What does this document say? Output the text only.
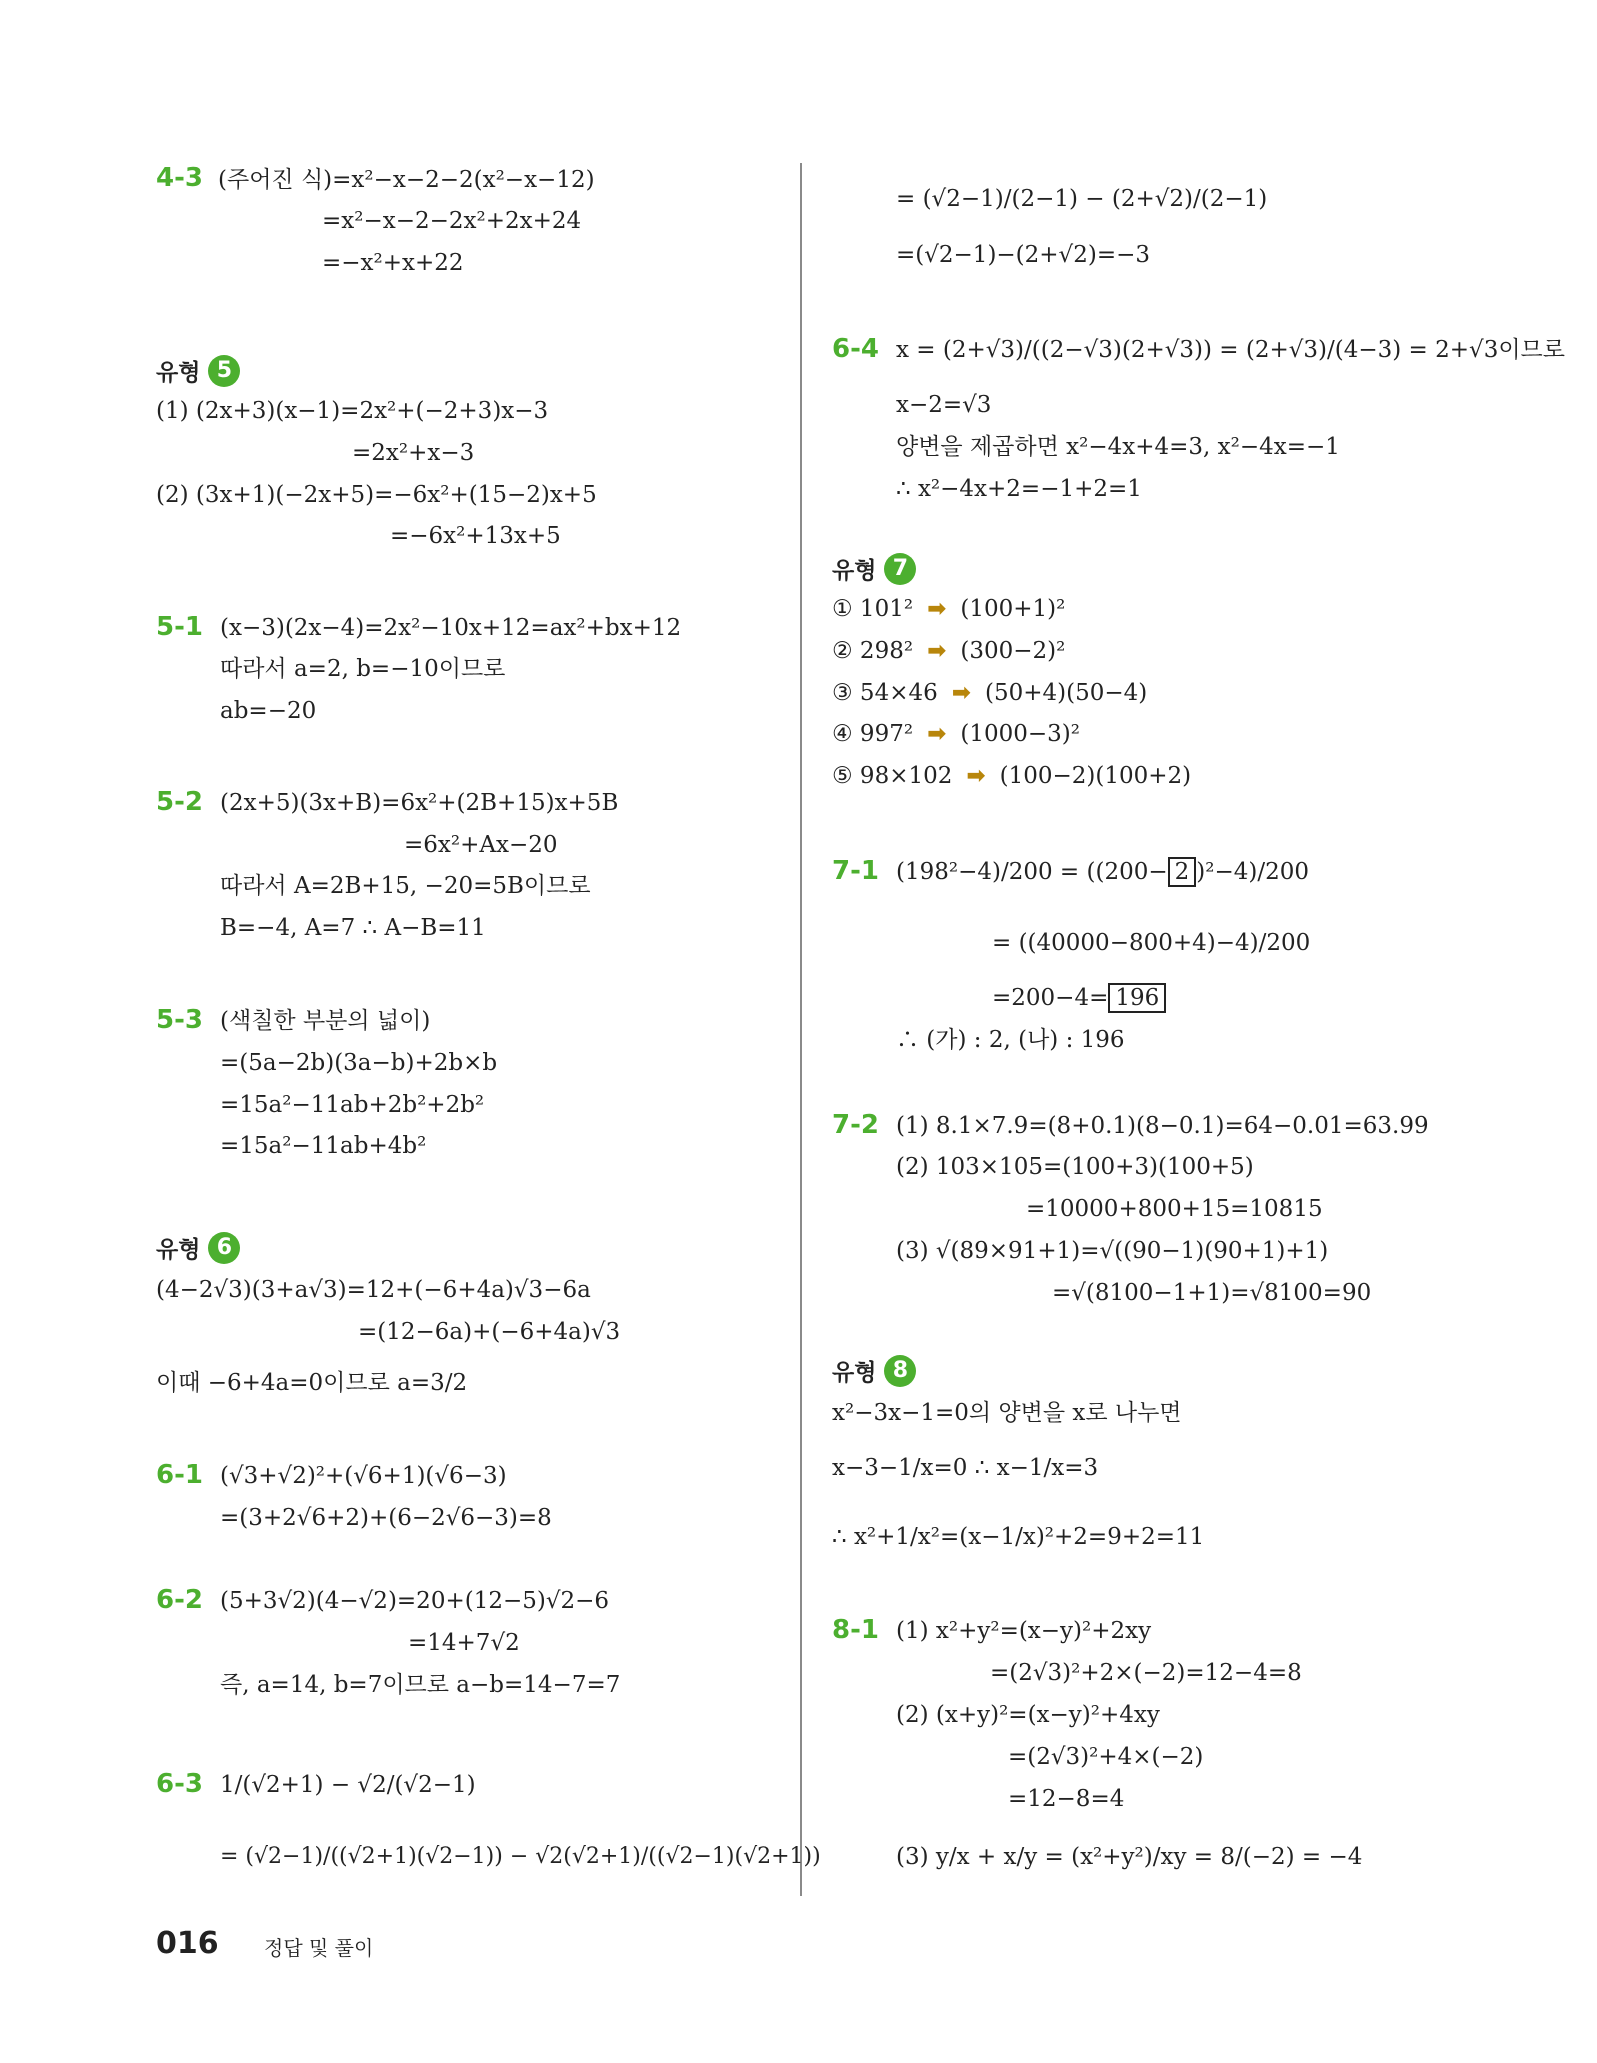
4-3 (주어진 식)=x²−x−2−2(x²−x−12)
=x²−x−2−2x²+2x+24
=−x²+x+22
유형 5
(1) (2x+3)(x−1)=2x²+(−2+3)x−3
=2x²+x−3
(2) (3x+1)(−2x+5)=−6x²+(15−2)x+5
=−6x²+13x+5
5-1 (x−3)(2x−4)=2x²−10x+12=ax²+bx+12
따라서 a=2, b=−10이므로
ab=−20
5-2 (2x+5)(3x+B)=6x²+(2B+15)x+5B
=6x²+Ax−20
따라서 A=2B+15, −20=5B이므로
B=−4, A=7 ∴ A−B=11
5-3 (색칠한 부분의 넓이)
=(5a−2b)(3a−b)+2b×b
=15a²−11ab+2b²+2b²
=15a²−11ab+4b²
유형 6
(4−2√3)(3+a√3)=12+(−6+4a)√3−6a
=(12−6a)+(−6+4a)√3
이때 −6+4a=0이므로 a=3/2
6-1 (√3+√2)²+(√6+1)(√6−3)
=(3+2√6+2)+(6−2√6−3)=8
6-2 (5+3√2)(4−√2)=20+(12−5)√2−6
=14+7√2
즉, a=14, b=7이므로 a−b=14−7=7
6-3 1/(√2+1) − √2/(√2−1)
= (√2−1)/((√2+1)(√2−1)) − √2(√2+1)/((√2−1)(√2+1))
= (√2−1)/(2−1) − (2+√2)/(2−1)
=(√2−1)−(2+√2)=−3
6-4 x = (2+√3)/((2−√3)(2+√3)) = (2+√3)/(4−3) = 2+√3이므로
x−2=√3
양변을 제곱하면 x²−4x+4=3, x²−4x=−1
∴ x²−4x+2=−1+2=1
유형 7
① 101² ➡ (100+1)²
② 298² ➡ (300−2)²
③ 54×46 ➡ (50+4)(50−4)
④ 997² ➡ (1000−3)²
⑤ 98×102 ➡ (100−2)(100+2)
7-1 (198²−4)/200 = ((200− 2 )²−4)/200
= ((40000−800+4)−4)/200
=200−4= 196
∴ (가) : 2, (나) : 196
7-2 (1) 8.1×7.9=(8+0.1)(8−0.1)=64−0.01=63.99
(2) 103×105=(100+3)(100+5)
=10000+800+15=10815
(3) √(89×91+1)=√((90−1)(90+1)+1)
=√(8100−1+1)=√8100=90
유형 8
x²−3x−1=0의 양변을 x로 나누면
x−3−1/x=0 ∴ x−1/x=3
∴ x²+1/x²=(x−1/x)²+2=9+2=11
8-1 (1) x²+y²=(x−y)²+2xy
=(2√3)²+2×(−2)=12−4=8
(2) (x+y)²=(x−y)²+4xy
=(2√3)²+4×(−2)
=12−8=4
(3) y/x + x/y = (x²+y²)/xy = 8/(−2) = −4
016 정답 및 풀이
